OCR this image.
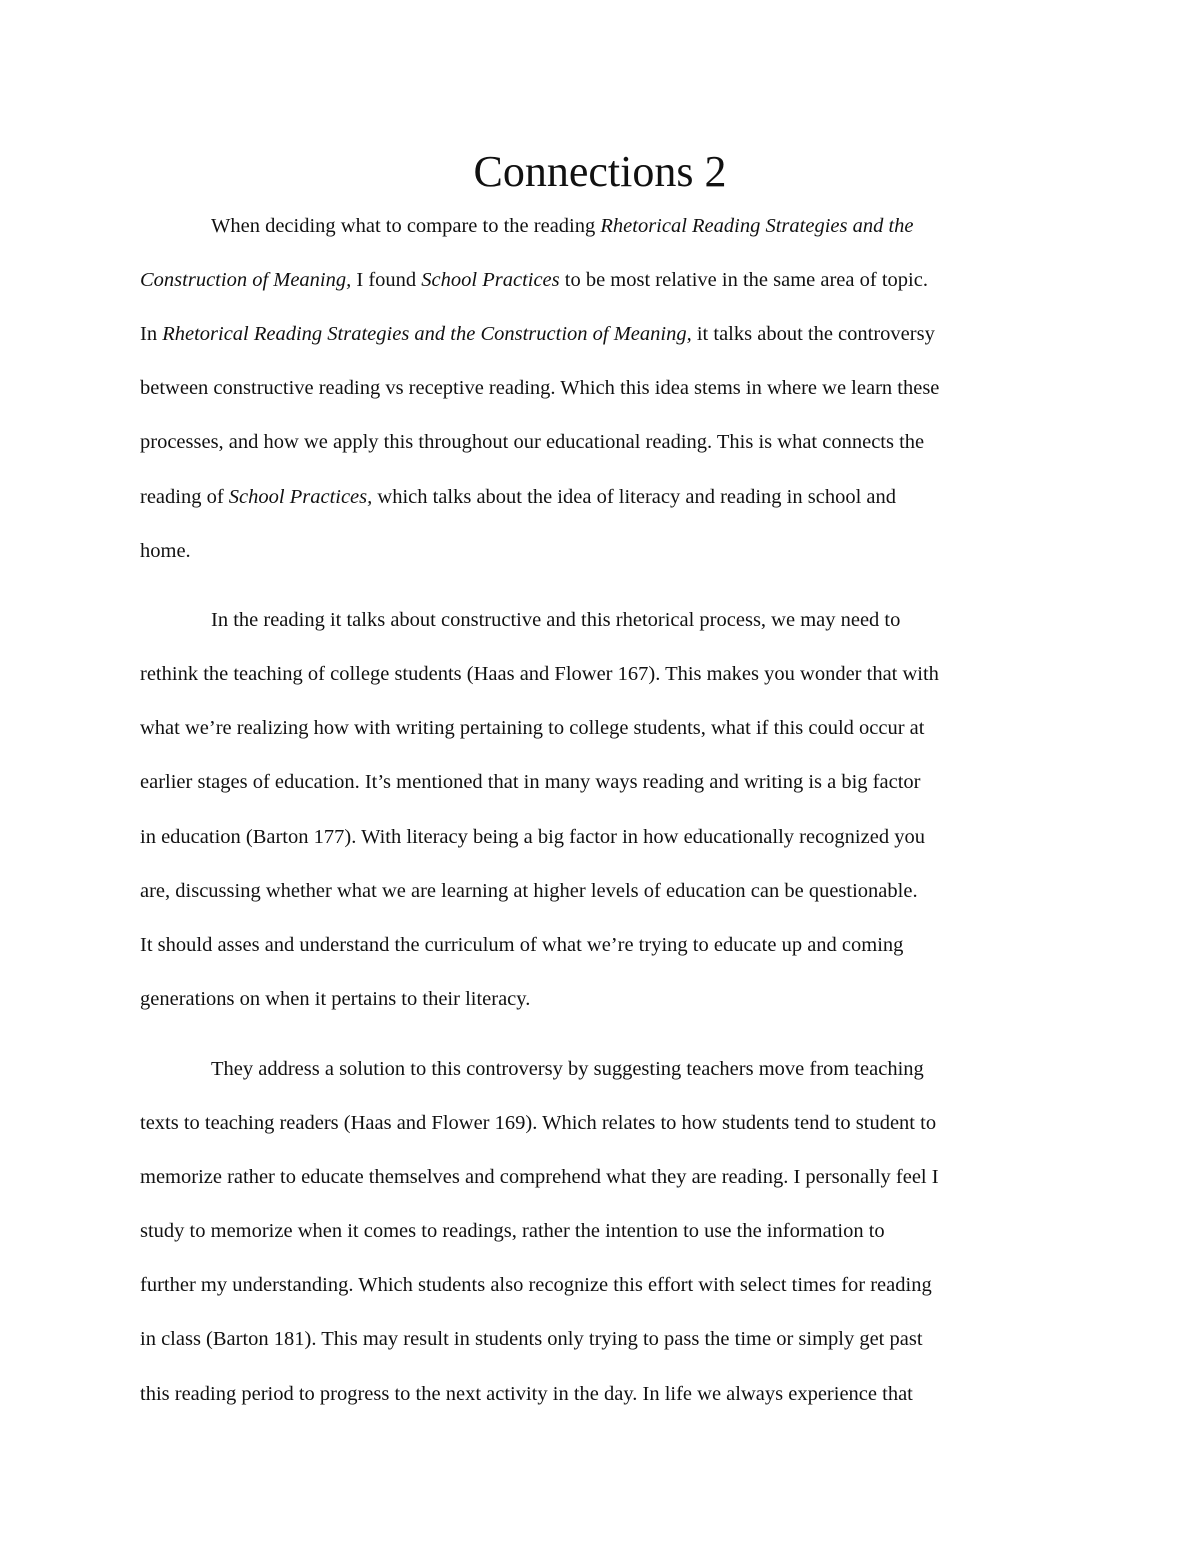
Connections 2
When deciding what to compare to the reading Rhetorical Reading Strategies and the
Construction of Meaning, I found School Practices to be most relative in the same area of topic.
In Rhetorical Reading Strategies and the Construction of Meaning, it talks about the controversy
between constructive reading vs receptive reading. Which this idea stems in where we learn these
processes, and how we apply this throughout our educational reading. This is what connects the
reading of School Practices, which talks about the idea of literacy and reading in school and
home.
In the reading it talks about constructive and this rhetorical process, we may need to
rethink the teaching of college students (Haas and Flower 167). This makes you wonder that with
what we’re realizing how with writing pertaining to college students, what if this could occur at
earlier stages of education. It’s mentioned that in many ways reading and writing is a big factor
in education (Barton 177). With literacy being a big factor in how educationally recognized you
are, discussing whether what we are learning at higher levels of education can be questionable.
It should asses and understand the curriculum of what we’re trying to educate up and coming
generations on when it pertains to their literacy.
They address a solution to this controversy by suggesting teachers move from teaching
texts to teaching readers (Haas and Flower 169). Which relates to how students tend to student to
memorize rather to educate themselves and comprehend what they are reading. I personally feel I
study to memorize when it comes to readings, rather the intention to use the information to
further my understanding. Which students also recognize this effort with select times for reading
in class (Barton 181). This may result in students only trying to pass the time or simply get past
this reading period to progress to the next activity in the day. In life we always experience that
